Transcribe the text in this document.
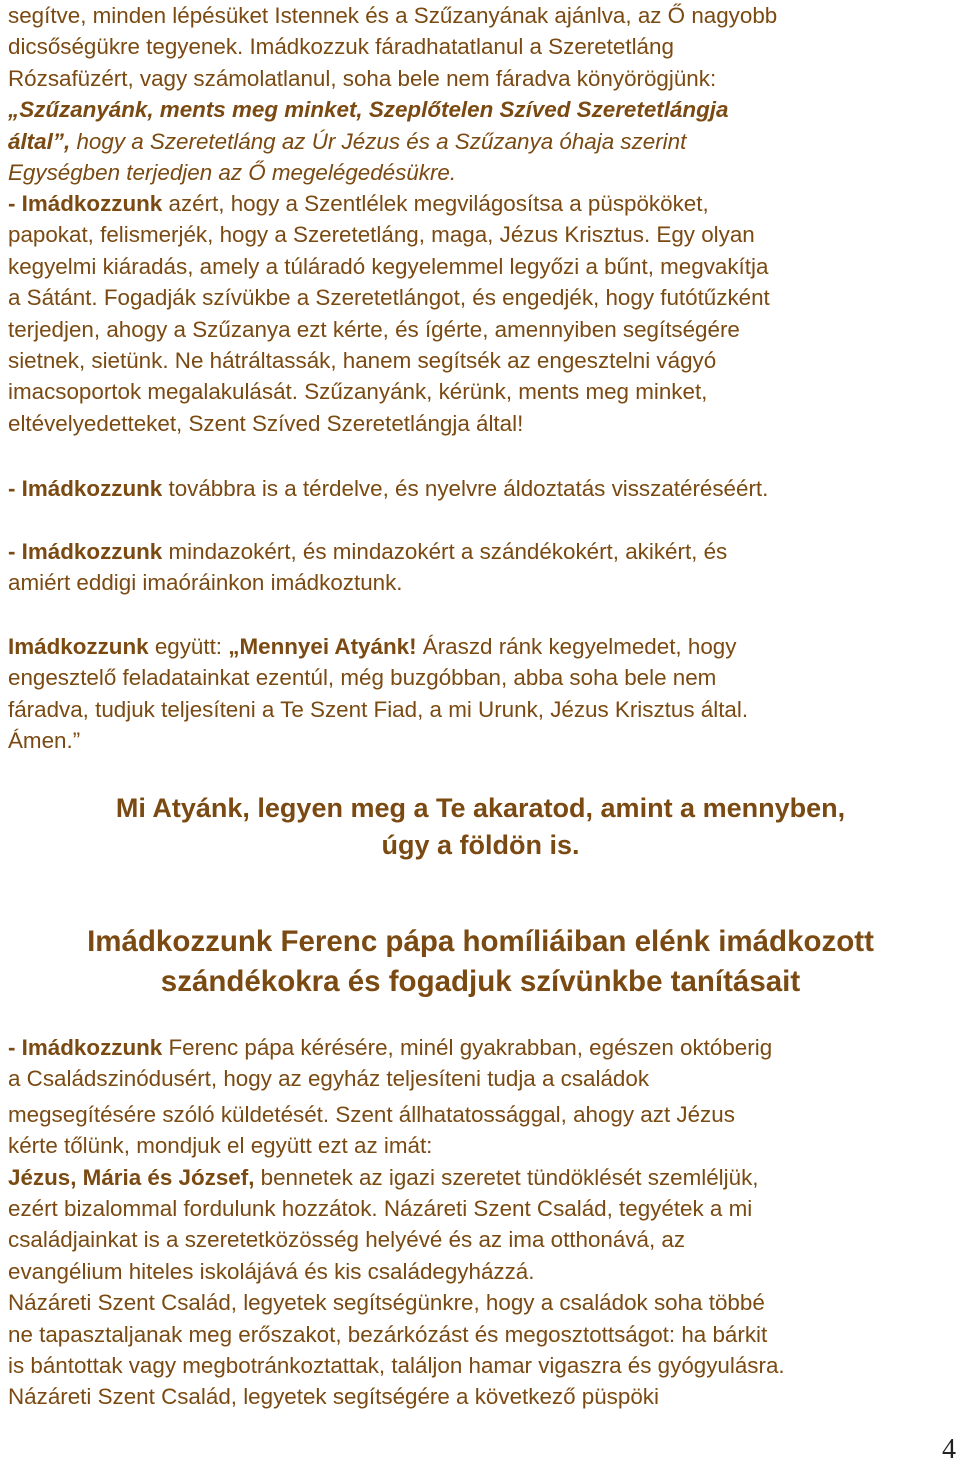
segítve, minden lépésüket Istennek és a Szűzanyának ajánlva, az Ő nagyobb
dicsőségükre tegyenek. Imádkozzuk fáradhatatlanul a Szeretetláng
Rózsafüzért, vagy számolatlanul, soha bele nem fáradva könyörögjünk:
„Szűzanyánk, ments meg minket, Szeplőtelen Szíved Szeretetlángja
által”, hogy a Szeretetláng az Úr Jézus és a Szűzanya óhaja szerint
Egységben terjedjen az Ő megelégedésükre.
- Imádkozzunk azért, hogy a Szentlélek megvilágosítsa a püspököket,
papokat, felismerjék, hogy a Szeretetláng, maga, Jézus Krisztus. Egy olyan
kegyelmi kiáradás, amely a túláradó kegyelemmel legyőzi a bűnt, megvakítja
a Sátánt. Fogadják szívükbe a Szeretetlángot, és engedjék, hogy futótűzként
terjedjen, ahogy a Szűzanya ezt kérte, és ígérte, amennyiben segítségére
sietnek, sietünk. Ne hátráltassák, hanem segítsék az engesztelni vágyó
imacsoportok megalakulását. Szűzanyánk, kérünk, ments meg minket,
eltévelyedetteket, Szent Szíved Szeretetlángja által!
- Imádkozzunk továbbra is a térdelve, és nyelvre áldoztatás visszatéréséért.
- Imádkozzunk mindazokért, és mindazokért a szándékokért, akikért, és
amiért eddigi imaóráinkon imádkoztunk.
Imádkozzunk együtt: „Mennyei Atyánk! Áraszd ránk kegyelmedet, hogy
engesztelő feladatainkat ezentúl, még buzgóbban, abba soha bele nem
fáradva, tudjuk teljesíteni a Te Szent Fiad, a mi Urunk, Jézus Krisztus által.
Ámen.”
Mi Atyánk, legyen meg a Te akaratod, amint a mennyben,
úgy a földön is.
Imádkozzunk Ferenc pápa homíliáiban elénk imádkozott
szándékokra és fogadjuk szívünkbe tanításait
- Imádkozzunk Ferenc pápa kérésére, minél gyakrabban, egészen októberig
a Családszinódusért, hogy az egyház teljesíteni tudja a családok
megsegítésére szóló küldetését. Szent állhatatossággal, ahogy azt Jézus
kérte tőlünk, mondjuk el együtt ezt az imát:
Jézus, Mária és József, bennetek az igazi szeretet tündöklését szemléljük,
ezért bizalommal fordulunk hozzátok. Názáreti Szent Család, tegyétek a mi
családjainkat is a szeretetközösség helyévé és az ima otthonává, az
evangélium hiteles iskolájává és kis családegyházzá.
Názáreti Szent Család, legyetek segítségünkre, hogy a családok soha többé
ne tapasztaljanak meg erőszakot, bezárkózást és megosztottságot: ha bárkit
is bántottak vagy megbotránkoztattak, találjon hamar vigaszra és gyógyulásra.
Názáreti Szent Család, legyetek segítségére a következő püspöki
4
